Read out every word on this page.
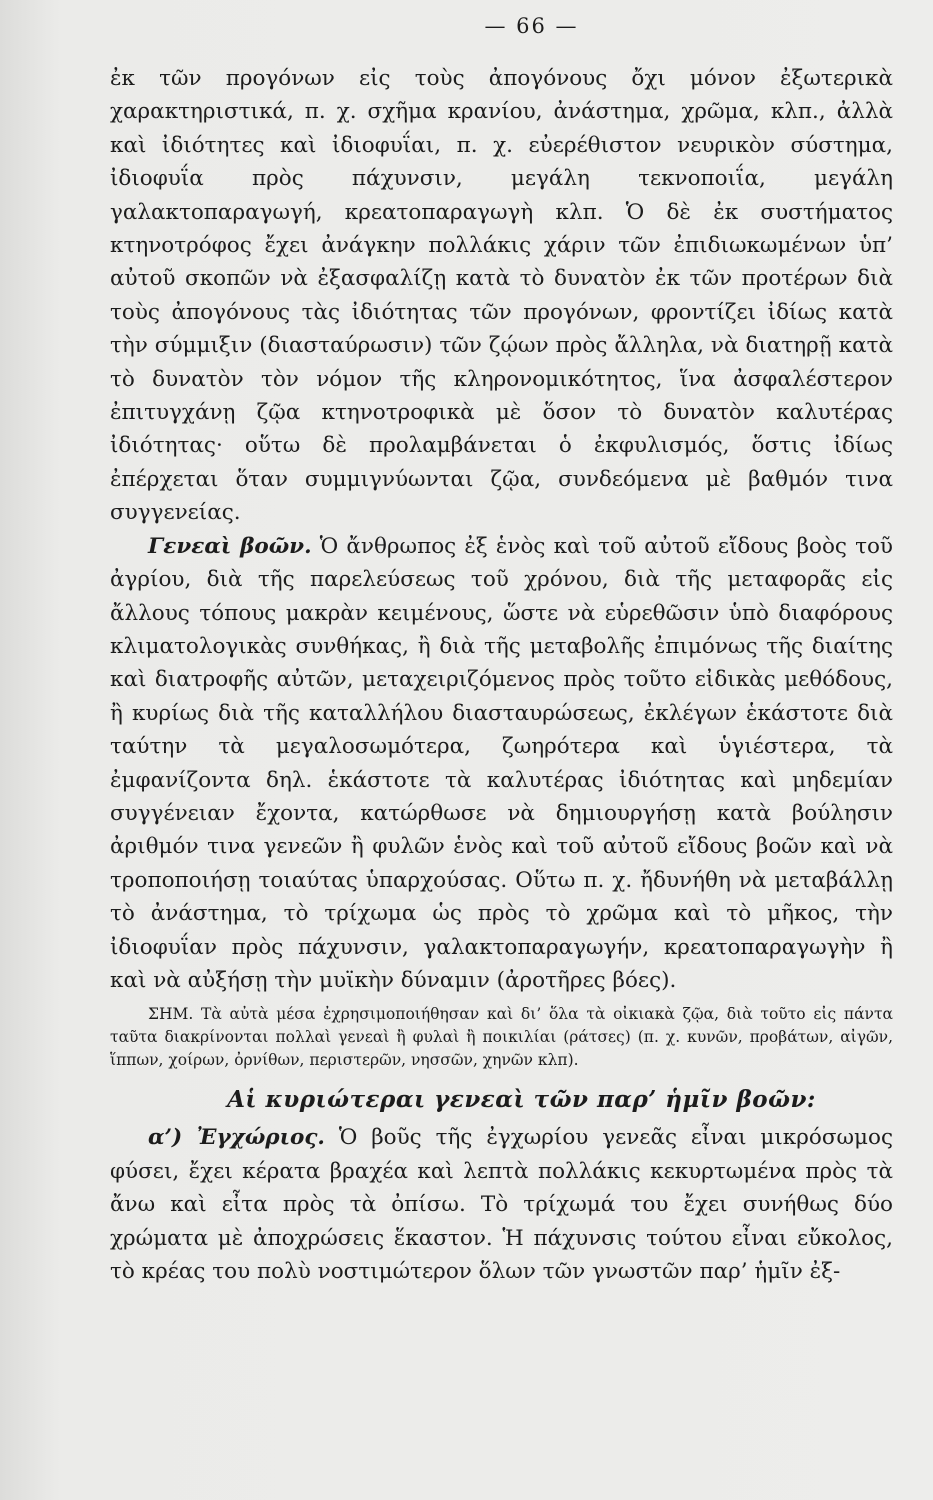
— 66 —

ἐκ τῶν προγόνων εἰς τοὺς ἀπογόνους ὄχι μόνον ἐξωτερικὰ χαρακτηριστικά, π. χ. σχῆμα κρανίου, ἀνάστημα, χρῶμα, κλπ., ἀλλὰ καὶ ἰδιότητες καὶ ἰδιοφυΐαι, π. χ. εὐερέθιστον νευρικὸν σύστημα, ἰδιοφυΐα πρὸς πάχυνσιν, μεγάλη τεκνοποιΐα, μεγάλη γαλακτοπαραγωγή, κρεατοπαραγωγὴ κλπ. Ὁ δὲ ἐκ συστήματος κτηνοτρόφος ἔχει ἀνάγκην πολλάκις χάριν τῶν ἐπιδιωκωμένων ὑπ’ αὐτοῦ σκοπῶν νὰ ἐξασφαλίζῃ κατὰ τὸ δυνατὸν ἐκ τῶν προτέρων διὰ τοὺς ἀπογόνους τὰς ἰδιότητας τῶν προγόνων, φροντίζει ἰδίως κατὰ τὴν σύμμιξιν (διασταύρωσιν) τῶν ζῴων πρὸς ἄλληλα, νὰ διατηρῇ κατὰ τὸ δυνατὸν τὸν νόμον τῆς κληρονομικότητος, ἵνα ἀσφαλέστερον ἐπιτυγχάνῃ ζῷα κτηνοτροφικὰ μὲ ὅσον τὸ δυνατὸν καλυτέρας ἰδιότητας· οὕτω δὲ προλαμβάνεται ὁ ἐκφυλισμός, ὅστις ἰδίως ἐπέρχεται ὅταν συμμιγνύωνται ζῷα, συνδεόμενα μὲ βαθμόν τινα συγγενείας.

Γενεαὶ βοῶν. Ὁ ἄνθρωπος ἐξ ἑνὸς καὶ τοῦ αὐτοῦ εἴδους βοὸς τοῦ ἀγρίου, διὰ τῆς παρελεύσεως τοῦ χρόνου, διὰ τῆς μεταφορᾶς εἰς ἄλλους τόπους μακρὰν κειμένους, ὥστε νὰ εὑρεθῶσιν ὑπὸ διαφόρους κλιματολογικὰς συνθήκας, ἢ διὰ τῆς μεταβολῆς ἐπιμόνως τῆς διαίτης καὶ διατροφῆς αὐτῶν, μεταχειριζόμενος πρὸς τοῦτο εἰδικὰς μεθόδους, ἢ κυρίως διὰ τῆς καταλλήλου διασταυρώσεως, ἐκλέγων ἑκάστοτε διὰ ταύτην τὰ μεγαλοσωμότερα, ζωηρότερα καὶ ὑγιέστερα, τὰ ἐμφανίζοντα δηλ. ἑκάστοτε τὰ καλυτέρας ἰδιότητας καὶ μηδεμίαν συγγένειαν ἔχοντα, κατώρθωσε νὰ δημιουργήσῃ κατὰ βούλησιν ἀριθμόν τινα γενεῶν ἢ φυλῶν ἑνὸς καὶ τοῦ αὐτοῦ εἴδους βοῶν καὶ νὰ τροποποιήσῃ τοιαύτας ὑπαρχούσας. Οὕτω π. χ. ἤδυνήθη νὰ μεταβάλλῃ τὸ ἀνάστημα, τὸ τρίχωμα ὡς πρὸς τὸ χρῶμα καὶ τὸ μῆκος, τὴν ἰδιοφυΐαν πρὸς πάχυνσιν, γαλακτοπαραγωγήν, κρεατοπαραγωγὴν ἢ καὶ νὰ αὐξήσῃ τὴν μυϊκὴν δύναμιν (ἀροτῆρες βόες).

ΣΗΜ. Τὰ αὐτὰ μέσα ἐχρησιμοποιήθησαν καὶ δι’ ὅλα τὰ οἰκιακὰ ζῷα, διὰ τοῦτο εἰς πάντα ταῦτα διακρίνονται πολλαὶ γενεαὶ ἢ φυλαὶ ἢ ποικιλίαι (ράτσες) (π. χ. κυνῶν, προβάτων, αἰγῶν, ἵππων, χοίρων, ὀρνίθων, περιστερῶν, νησσῶν, χηνῶν κλπ).

Αἱ κυριώτεραι γενεαὶ τῶν παρ’ ἡμῖν βοῶν:

α’) Ἐγχώριος. Ὁ βοῦς τῆς ἐγχωρίου γενεᾶς εἶναι μικρόσωμος φύσει, ἔχει κέρατα βραχέα καὶ λεπτὰ πολλάκις κεκυρτωμένα πρὸς τὰ ἄνω καὶ εἶτα πρὸς τὰ ὀπίσω. Τὸ τρίχωμά του ἔχει συνήθως δύο χρώματα μὲ ἀποχρώσεις ἕκαστον. Ἡ πάχυνσις τούτου εἶναι εὔκολος, τὸ κρέας του πολὺ νοστιμώτερον ὅλων τῶν γνωστῶν παρ’ ἡμῖν ἐξ-
